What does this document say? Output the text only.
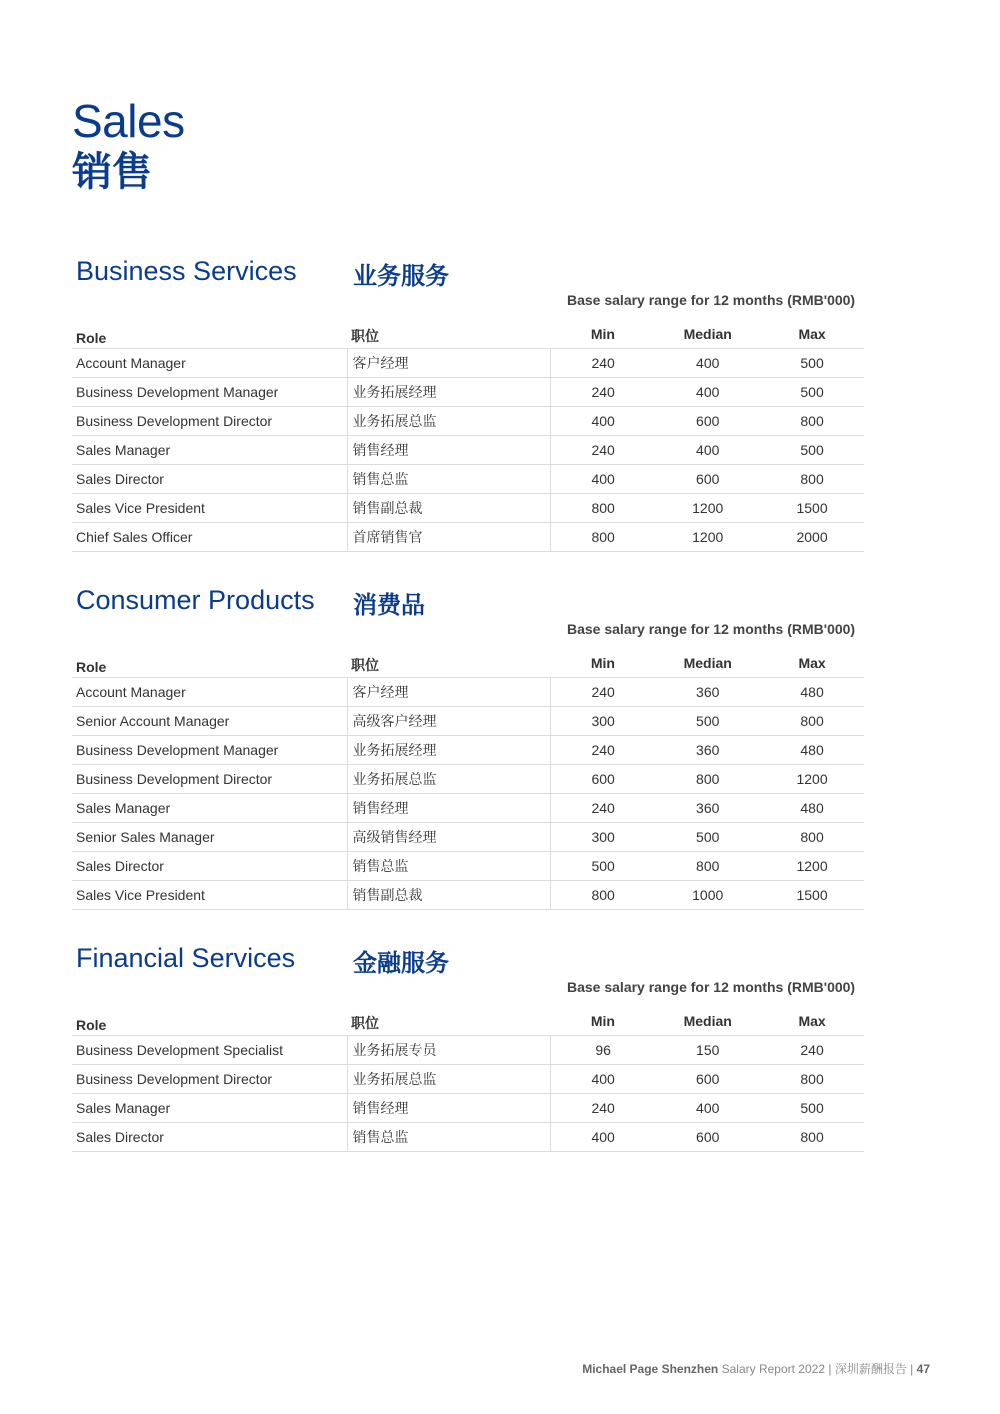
Sales
销售
Business Services 业务服务
Base salary range for 12 months (RMB'000)
Role	职位	Min	Median	Max
Account Manager	客户经理	240	400	500
Business Development Manager	业务拓展经理	240	400	500
Business Development Director	业务拓展总监	400	600	800
Sales Manager	销售经理	240	400	500
Sales Director	销售总监	400	600	800
Sales Vice President	销售副总裁	800	1200	1500
Chief Sales Officer	首席销售官	800	1200	2000
Consumer Products 消费品
Base salary range for 12 months (RMB'000)
Role	职位	Min	Median	Max
Account Manager	客户经理	240	360	480
Senior Account Manager	高级客户经理	300	500	800
Business Development Manager	业务拓展经理	240	360	480
Business Development Director	业务拓展总监	600	800	1200
Sales Manager	销售经理	240	360	480
Senior Sales Manager	高级销售经理	300	500	800
Sales Director	销售总监	500	800	1200
Sales Vice President	销售副总裁	800	1000	1500
Financial Services 金融服务
Base salary range for 12 months (RMB'000)
Role	职位	Min	Median	Max
Business Development Specialist	业务拓展专员	96	150	240
Business Development Director	业务拓展总监	400	600	800
Sales Manager	销售经理	240	400	500
Sales Director	销售总监	400	600	800
Michael Page Shenzhen Salary Report 2022 | 深圳薪酬报告 | 47
